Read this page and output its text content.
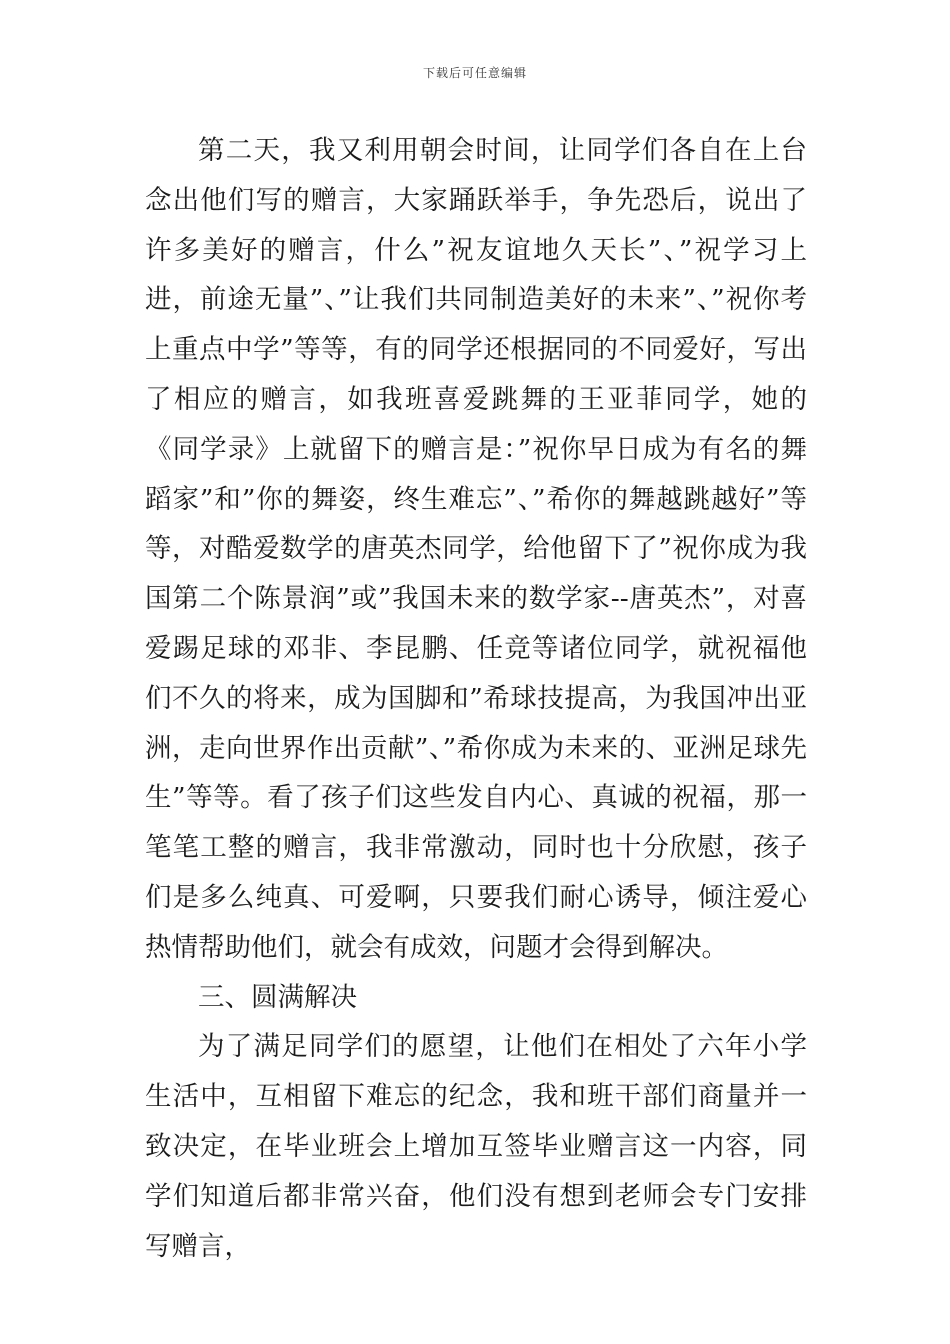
下载后可任意编辑

第二天，我又利用朝会时间，让同学们各自在上台念出他们写的赠言，大家踊跃举手，争先恐后，说出了许多美好的赠言，什么”祝友谊地久天长”、”祝学习上进，前途无量”、”让我们共同制造美好的未来”、”祝你考上重点中学”等等，有的同学还根据同的不同爱好，写出了相应的赠言，如我班喜爱跳舞的王亚菲同学，她的《同学录》上就留下的赠言是：”祝你早日成为有名的舞蹈家”和”你的舞姿，终生难忘”、”希你的舞越跳越好”等等，对酷爱数学的唐英杰同学，给他留下了”祝你成为我国第二个陈景润”或”我国未来的数学家--唐英杰”，对喜爱踢足球的邓非、李昆鹏、任竞等诸位同学，就祝福他们不久的将来，成为国脚和”希球技提高，为我国冲出亚洲，走向世界作出贡献”、”希你成为未来的、亚洲足球先生”等等。看了孩子们这些发自内心、真诚的祝福，那一笔笔工整的赠言，我非常激动，同时也十分欣慰，孩子们是多么纯真、可爱啊，只要我们耐心诱导，倾注爱心热情帮助他们，就会有成效，问题才会得到解决。

三、圆满解决

为了满足同学们的愿望，让他们在相处了六年小学生活中，互相留下难忘的纪念，我和班干部们商量并一致决定，在毕业班会上增加互签毕业赠言这一内容，同学们知道后都非常兴奋，他们没有想到老师会专门安排写赠言，
